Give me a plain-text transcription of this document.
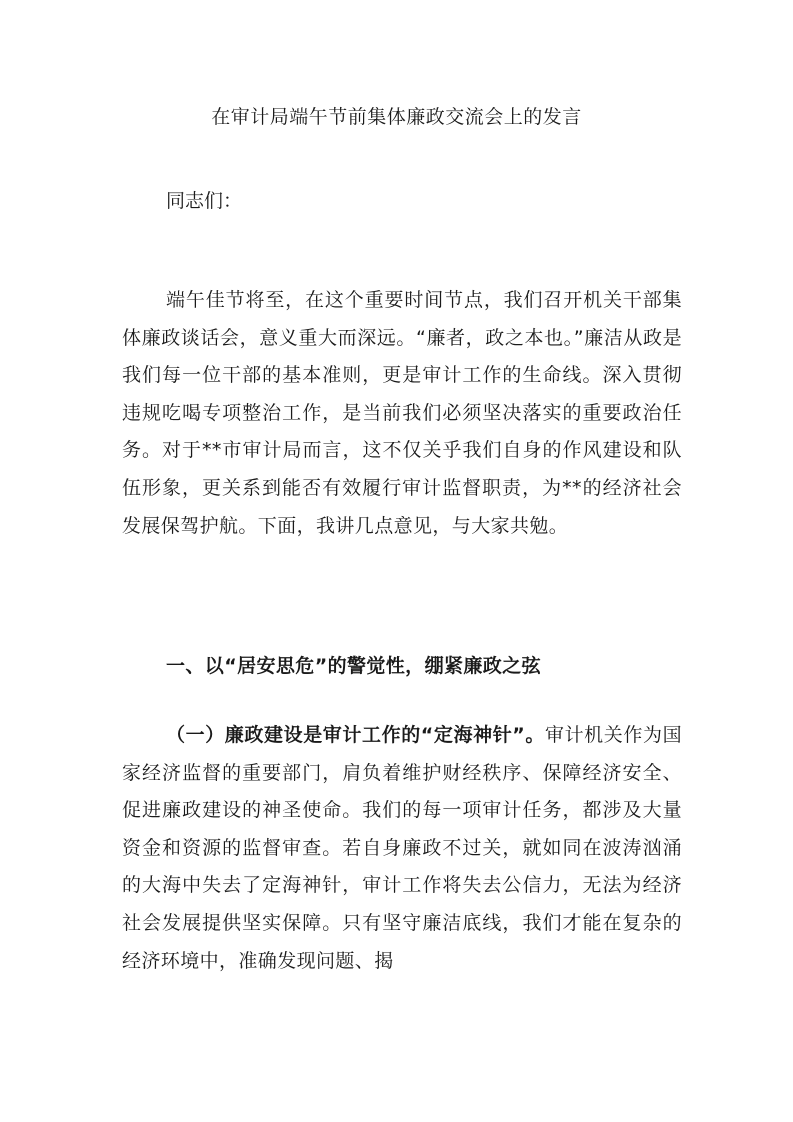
在审计局端午节前集体廉政交流会上的发言

同志们：

端午佳节将至，在这个重要时间节点，我们召开机关干部集体廉政谈话会，意义重大而深远。“廉者，政之本也。”廉洁从政是我们每一位干部的基本准则，更是审计工作的生命线。深入贯彻违规吃喝专项整治工作，是当前我们必须坚决落实的重要政治任务。对于**市审计局而言，这不仅关乎我们自身的作风建设和队伍形象，更关系到能否有效履行审计监督职责，为**的经济社会发展保驾护航。下面，我讲几点意见，与大家共勉。

一、以“居安思危”的警觉性，绷紧廉政之弦

（一）廉政建设是审计工作的“定海神针”。审计机关作为国家经济监督的重要部门，肩负着维护财经秩序、保障经济安全、促进廉政建设的神圣使命。我们的每一项审计任务，都涉及大量资金和资源的监督审查。若自身廉政不过关，就如同在波涛汹涌的大海中失去了定海神针，审计工作将失去公信力，无法为经济社会发展提供坚实保障。只有坚守廉洁底线，我们才能在复杂的经济环境中，准确发现问题、揭
